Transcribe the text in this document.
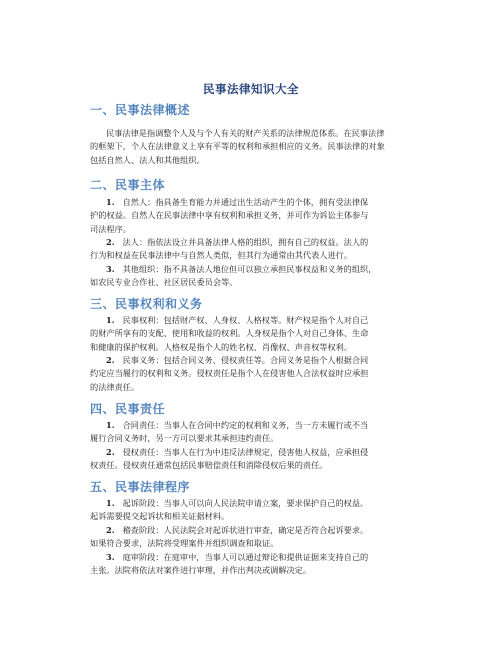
民事法律知识大全
一、民事法律概述
民事法律是指调整个人及与个人有关的财产关系的法律规范体系。在民事法律
的框架下，个人在法律意义上享有平等的权利和承担相应的义务。民事法律的对象
包括自然人、法人和其他组织。
二、民事主体
1. 自然人：指具备生育能力并通过出生活动产生的个体，拥有受法律保
护的权益。自然人在民事法律中享有权利和承担义务，并可作为诉讼主体参与
司法程序。
2. 法人：指依法设立并具备法律人格的组织，拥有自己的权益。法人的
行为和权益在民事法律中与自然人类似，但其行为通常由其代表人进行。
3. 其他组织：指不具备法人地位但可以独立承担民事权益和义务的组织，
如农民专业合作社、社区居民委员会等。
三、民事权利和义务
1. 民事权利：包括财产权、人身权、人格权等。财产权是指个人对自己
的财产所享有的支配、使用和收益的权利。人身权是指个人对自己身体、生命
和健康的保护权利。人格权是指个人的姓名权、肖像权、声音权等权利。
2. 民事义务：包括合同义务、侵权责任等。合同义务是指个人根据合同
约定应当履行的权利和义务。侵权责任是指个人在侵害他人合法权益时应承担
的法律责任。
四、民事责任
1. 合同责任：当事人在合同中约定的权利和义务，当一方未履行或不当
履行合同义务时，另一方可以要求其承担违约责任。
2. 侵权责任：当事人在行为中违反法律规定，侵害他人权益，应承担侵
权责任。侵权责任通常包括民事赔偿责任和消除侵权后果的责任。
五、民事法律程序
1. 起诉阶段：当事人可以向人民法院申请立案，要求保护自己的权益。
起诉需要提交起诉状和相关证据材料。
2. 稽查阶段：人民法院会对起诉状进行审查，确定是否符合起诉要求。
如果符合要求，法院将受理案件并组织调查和取证。
3. 庭审阶段：在庭审中，当事人可以通过辩论和提供证据来支持自己的
主张。法院将依法对案件进行审理，并作出判决或调解决定。
